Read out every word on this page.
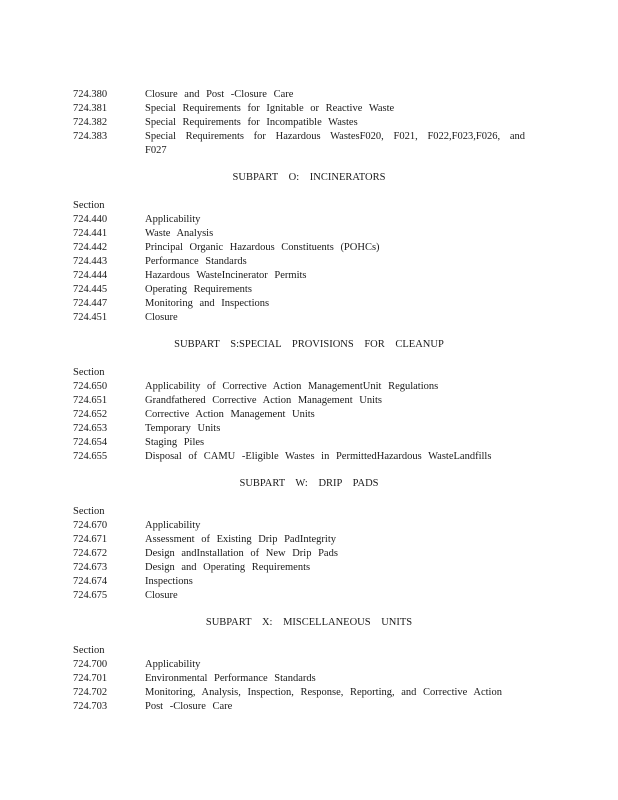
724.380	Closure and Post -Closure Care
724.381	Special Requirements for Ignitable or Reactive Waste
724.382	Special Requirements for Incompatible Wastes
724.383	Special Requirements for Hazardous WastesF020, F021, F022,F023,F026, and F027
SUBPART O: INCINERATORS
Section
724.440	Applicability
724.441	Waste Analysis
724.442	Principal Organic Hazardous Constituents (POHCs)
724.443	Performance Standards
724.444	Hazardous WasteIncinerator Permits
724.445	Operating Requirements
724.447	Monitoring and Inspections
724.451	Closure
SUBPART S:SPECIAL PROVISIONS FOR CLEANUP
Section
724.650	Applicability of Corrective Action ManagementUnit Regulations
724.651	Grandfathered Corrective Action Management Units
724.652	Corrective Action Management Units
724.653	Temporary Units
724.654	Staging Piles
724.655	Disposal of CAMU -Eligible Wastes in PermittedHazardous WasteLandfills
SUBPART W: DRIP PADS
Section
724.670	Applicability
724.671	Assessment of Existing Drip PadIntegrity
724.672	Design andInstallation of New Drip Pads
724.673	Design and Operating Requirements
724.674	Inspections
724.675	Closure
SUBPART X: MISCELLANEOUS UNITS
Section
724.700	Applicability
724.701	Environmental Performance Standards
724.702	Monitoring, Analysis, Inspection, Response, Reporting, and Corrective Action
724.703	Post -Closure Care
